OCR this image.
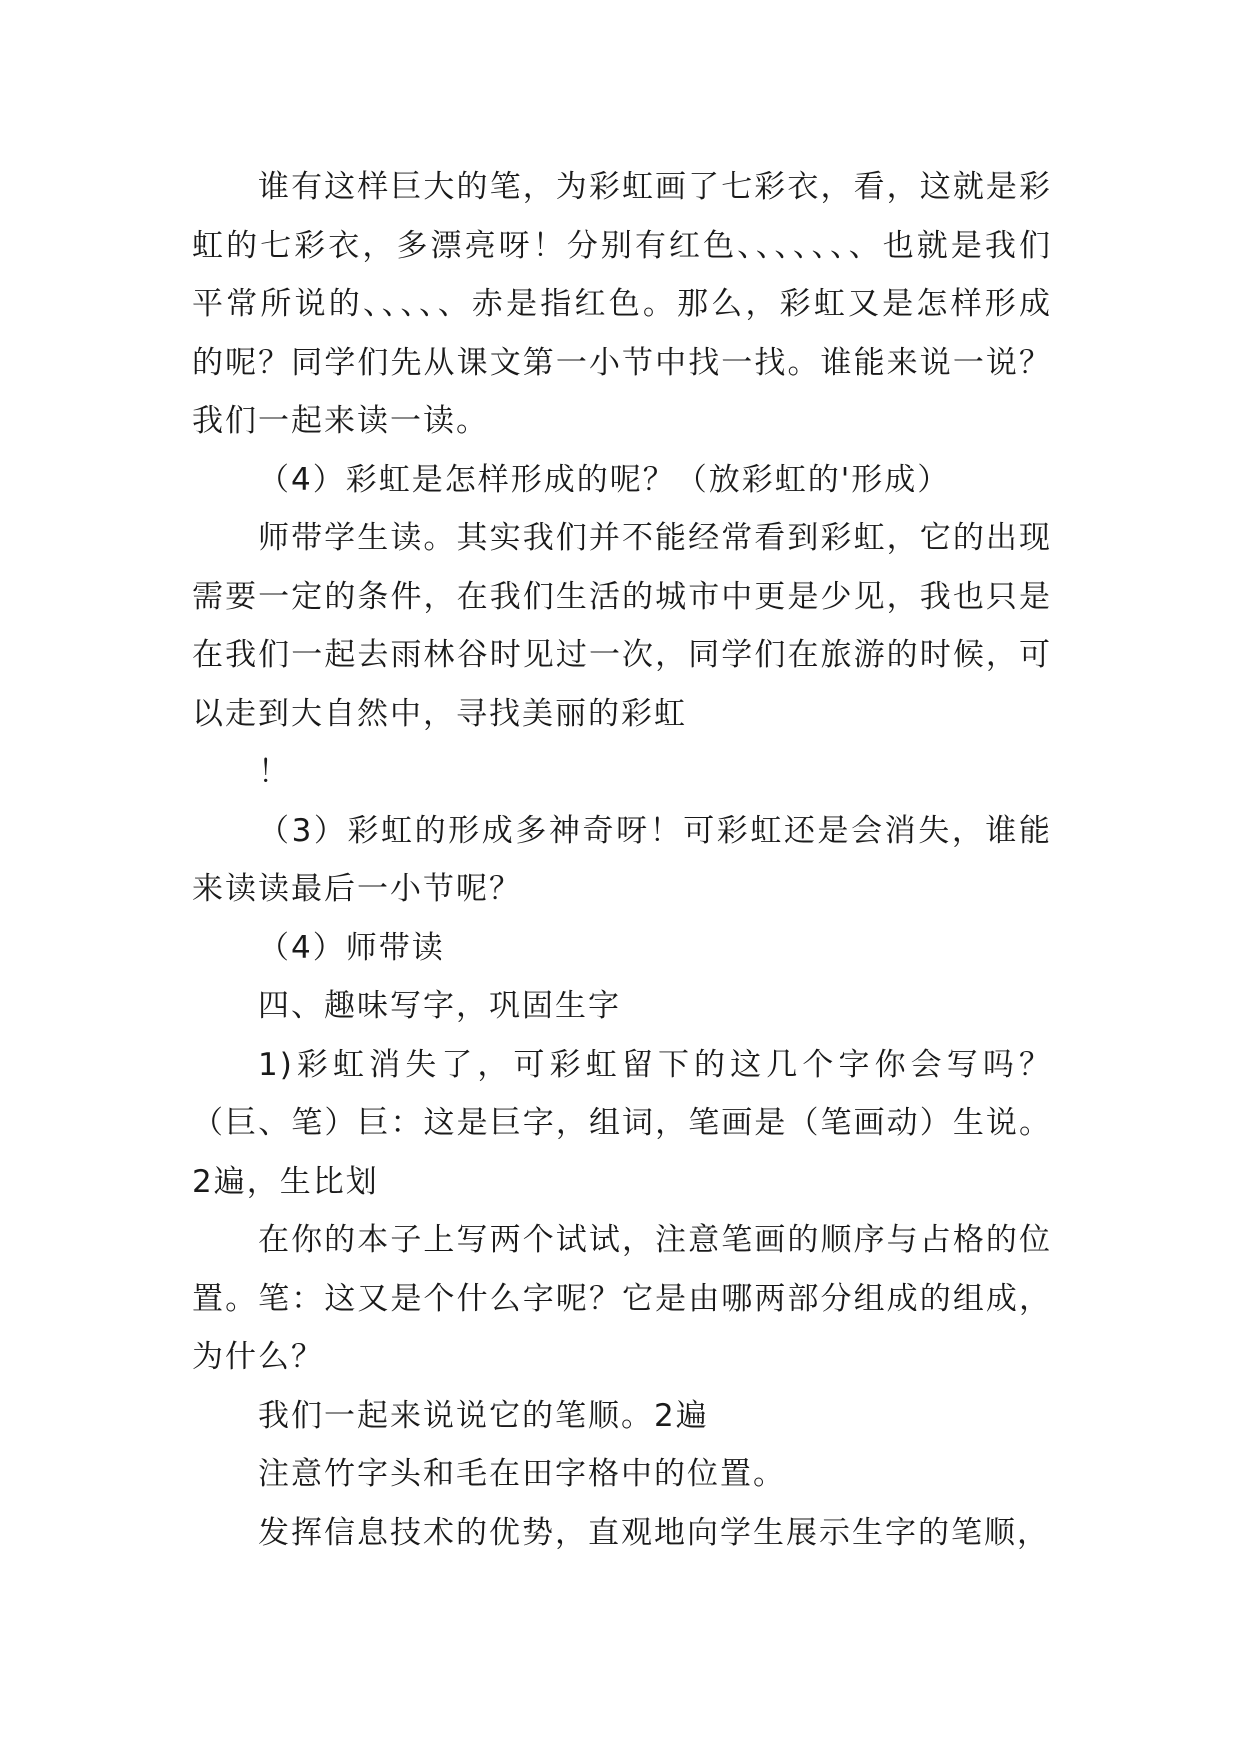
谁有这样巨大的笔，为彩虹画了七彩衣，看，这就是彩虹的七彩衣，多漂亮呀！分别有红色、、、、、、、也就是我们平常所说的、、、、、赤是指红色。那么，彩虹又是怎样形成的呢？同学们先从课文第一小节中找一找。谁能来说一说？我们一起来读一读。

（4）彩虹是怎样形成的呢？（放彩虹的'形成）

师带学生读。其实我们并不能经常看到彩虹，它的出现需要一定的条件，在我们生活的城市中更是少见，我也只是在我们一起去雨林谷时见过一次，同学们在旅游的时候，可以走到大自然中，寻找美丽的彩虹

！

（3）彩虹的形成多神奇呀！可彩虹还是会消失，谁能来读读最后一小节呢？

（4）师带读

四、趣味写字，巩固生字

1)彩虹消失了，可彩虹留下的这几个字你会写吗？（巨、笔）巨：这是巨字，组词，笔画是（笔画动）生说。2遍，生比划

在你的本子上写两个试试，注意笔画的顺序与占格的位置。笔：这又是个什么字呢？它是由哪两部分组成的组成，为什么？

我们一起来说说它的笔顺。2遍

注意竹字头和毛在田字格中的位置。

发挥信息技术的优势，直观地向学生展示生字的笔顺，
